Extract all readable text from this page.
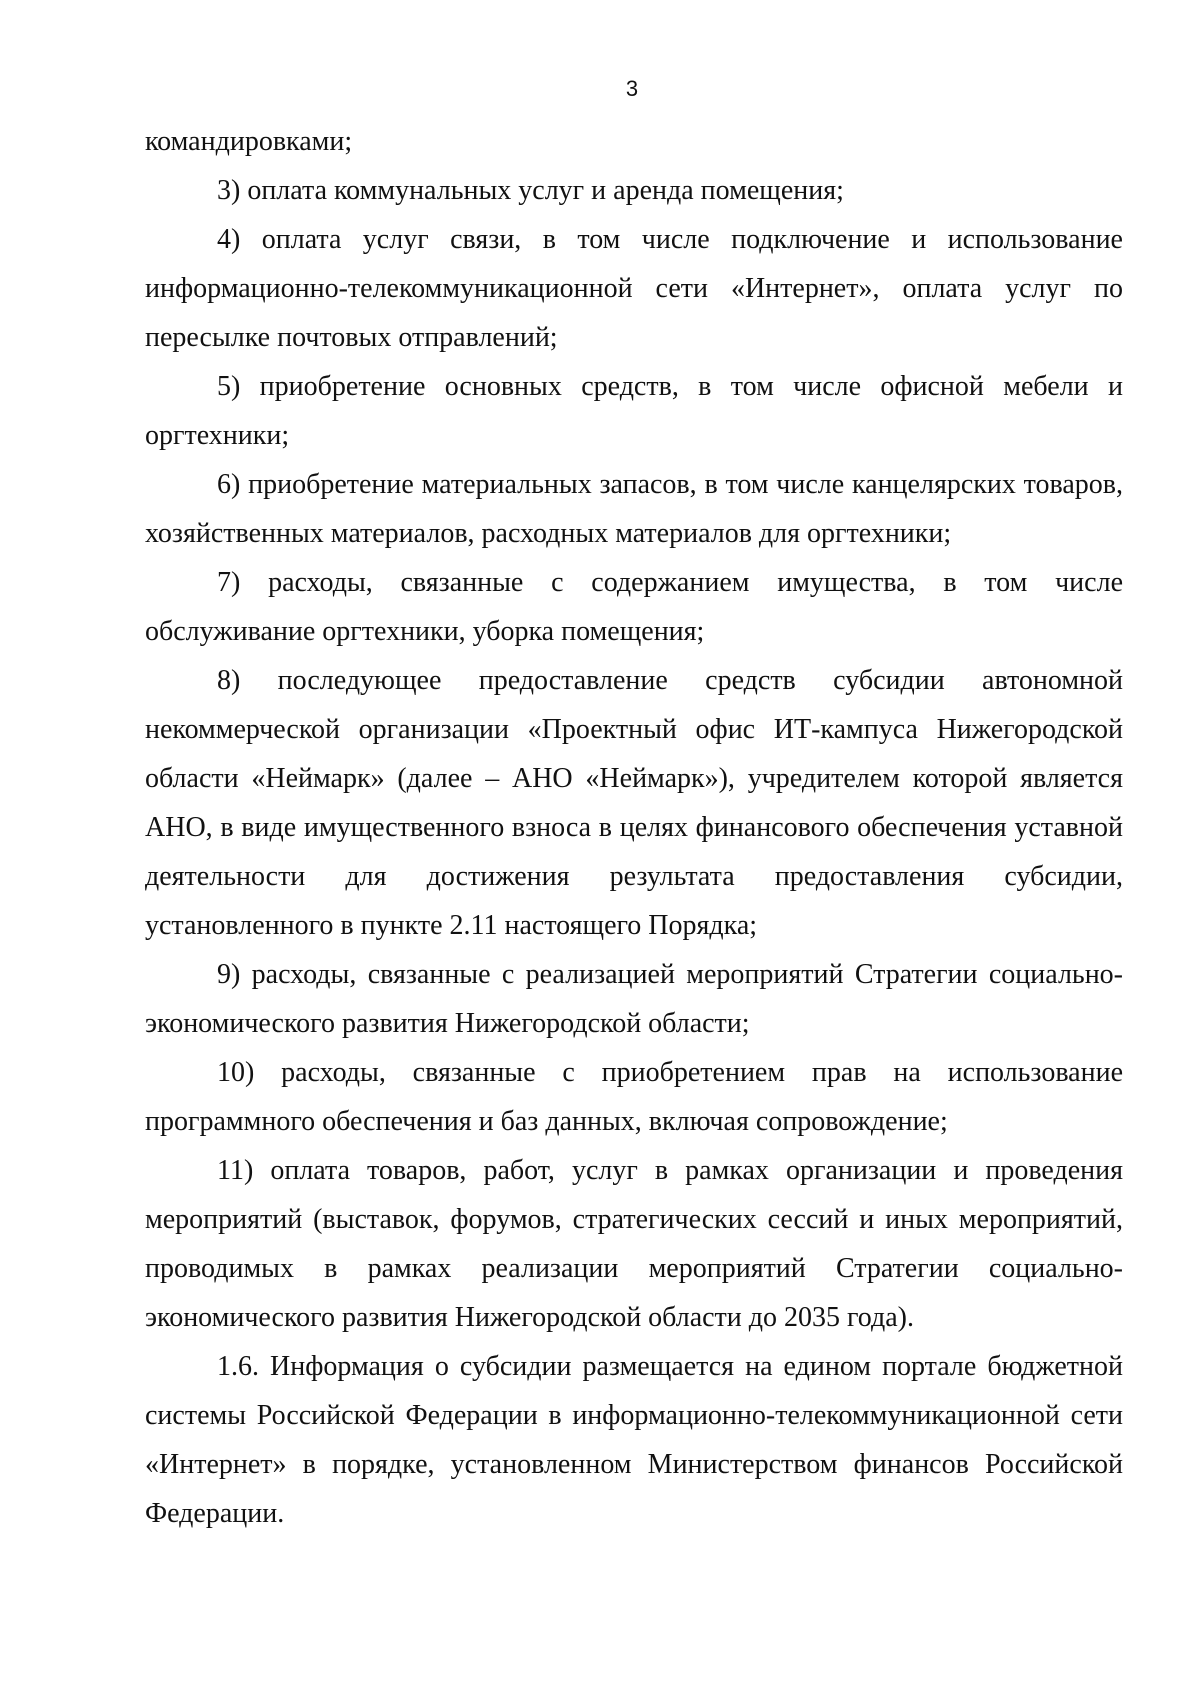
3

командировками;

3) оплата коммунальных услуг и аренда помещения;

4) оплата услуг связи, в том числе подключение и использование информационно-телекоммуникационной сети «Интернет», оплата услуг по пересылке почтовых отправлений;

5) приобретение основных средств, в том числе офисной мебели и оргтехники;

6) приобретение материальных запасов, в том числе канцелярских товаров, хозяйственных материалов, расходных материалов для оргтехники;

7) расходы, связанные с содержанием имущества, в том числе обслуживание оргтехники, уборка помещения;

8) последующее предоставление средств субсидии автономной некоммерческой организации «Проектный офис ИТ-кампуса Нижегородской области «Неймарк» (далее – АНО «Неймарк»), учредителем которой является АНО, в виде имущественного взноса в целях финансового обеспечения уставной деятельности для достижения результата предоставления субсидии, установленного в пункте 2.11 настоящего Порядка;

9) расходы, связанные с реализацией мероприятий Стратегии социально-экономического развития Нижегородской области;

10) расходы, связанные с приобретением прав на использование программного обеспечения и баз данных, включая сопровождение;

11) оплата товаров, работ, услуг в рамках организации и проведения мероприятий (выставок, форумов, стратегических сессий и иных мероприятий, проводимых в рамках реализации мероприятий Стратегии социально-экономического развития Нижегородской области до 2035 года).

1.6. Информация о субсидии размещается на едином портале бюджетной системы Российской Федерации в информационно-телекоммуникационной сети «Интернет» в порядке, установленном Министерством финансов Российской Федерации.
